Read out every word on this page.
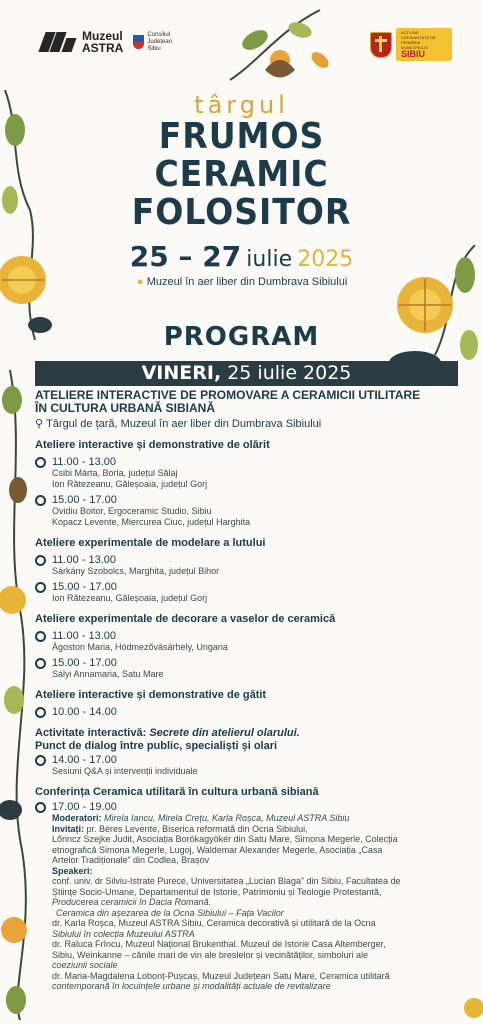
Muzeul
ASTRA
Consiliul
Județean
Sibiu
ACȚIUNE COFINANȚATĂ DE PRIMĂRIA MUNICIPIULUI
SIBIU
târgul
FRUMOS
CERAMIC
FOLOSITOR
25 – 27 iulie 2025
● Muzeul în aer liber din Dumbrava Sibiului
PROGRAM
VINERI, 25 iulie 2025
ATELIERE INTERACTIVE DE PROMOVARE A CERAMICII UTILITARE
ÎN CULTURA URBANĂ SIBIANĂ
⚲ Târgul de țară, Muzeul în aer liber din Dumbrava Sibiului
Ateliere interactive și demonstrative de olărit
11.00 - 13.00
Csibi Márta, Borla, județul Sălaj
Ion Rătezeanu, Găleșoaia, județul Gorj
15.00 - 17.00
Ovidiu Boitor, Ergoceramic Studio, Sibiu
Kopacz Levente, Miercurea Ciuc, județul Harghita
Ateliere experimentale de modelare a lutului
11.00 - 13.00
Sárkány Szobolcs, Marghita, județul Bihor
15.00 - 17.00
Ion Rătezeanu, Găleșoaia, județul Gorj
Ateliere experimentale de decorare a vaselor de ceramică
11.00 - 13.00
Ágoston Maria, Hódmezővásárhely, Ungaria
15.00 - 17.00
Sályi Annamaria, Satu Mare
Ateliere interactive și demonstrative de gătit
10.00 - 14.00
Activitate interactivă: Secrete din atelierul olarului.
Punct de dialog între public, specialiști și olari
14.00 - 17.00
Sesiuni Q&A și intervenții individuale
Conferința Ceramica utilitară în cultura urbană sibiană
17.00 - 19.00
Moderatori: Mirela Iancu, Mirela Crețu, Karla Roșca, Muzeul ASTRA Sibiu
Invitați: pr. Béres Levente, Biserica reformată din Ocna Sibiului,
Lőrincz Szejke Judit, Asociația Borókagyökér din Satu Mare, Simona Megerle, Colecția
etnografică Simona Megerle, Lugoj, Waldemar Alexander Megerle, Asociația „Casa
Artelor Tradiționale” din Codlea, Brașov
Speakeri:
conf. univ. dr Silviu-Istrate Purece, Universitatea „Lucian Blaga” din Sibiu, Facultatea de
Științe Socio-Umane, Departamentul de Istorie, Patrimoniu și Teologie Protestantă,
Producerea ceramicii în Dacia Romană.
Ceramica din așezarea de la Ocna Sibiului – Fața Vacilor
dr. Karla Roșca, Muzeul ASTRA Sibiu, Ceramica decorativă și utilitară de la Ocna
Sibiului în colecția Muzeului ASTRA
dr. Raluca Frîncu, Muzeul Național Brukenthal. Muzeul de Istorie Casa Altemberger,
Sibiu, Weinkanne – cănile mari de vin ale breslelor și vecinătăților, simboluri ale
coeziunii sociale
dr. Maria-Magdalena Lobonț-Pușcaș, Muzeul Județean Satu Mare, Ceramica utilitară
contemporană în locuințele urbane și modalități actuale de revitalizare
